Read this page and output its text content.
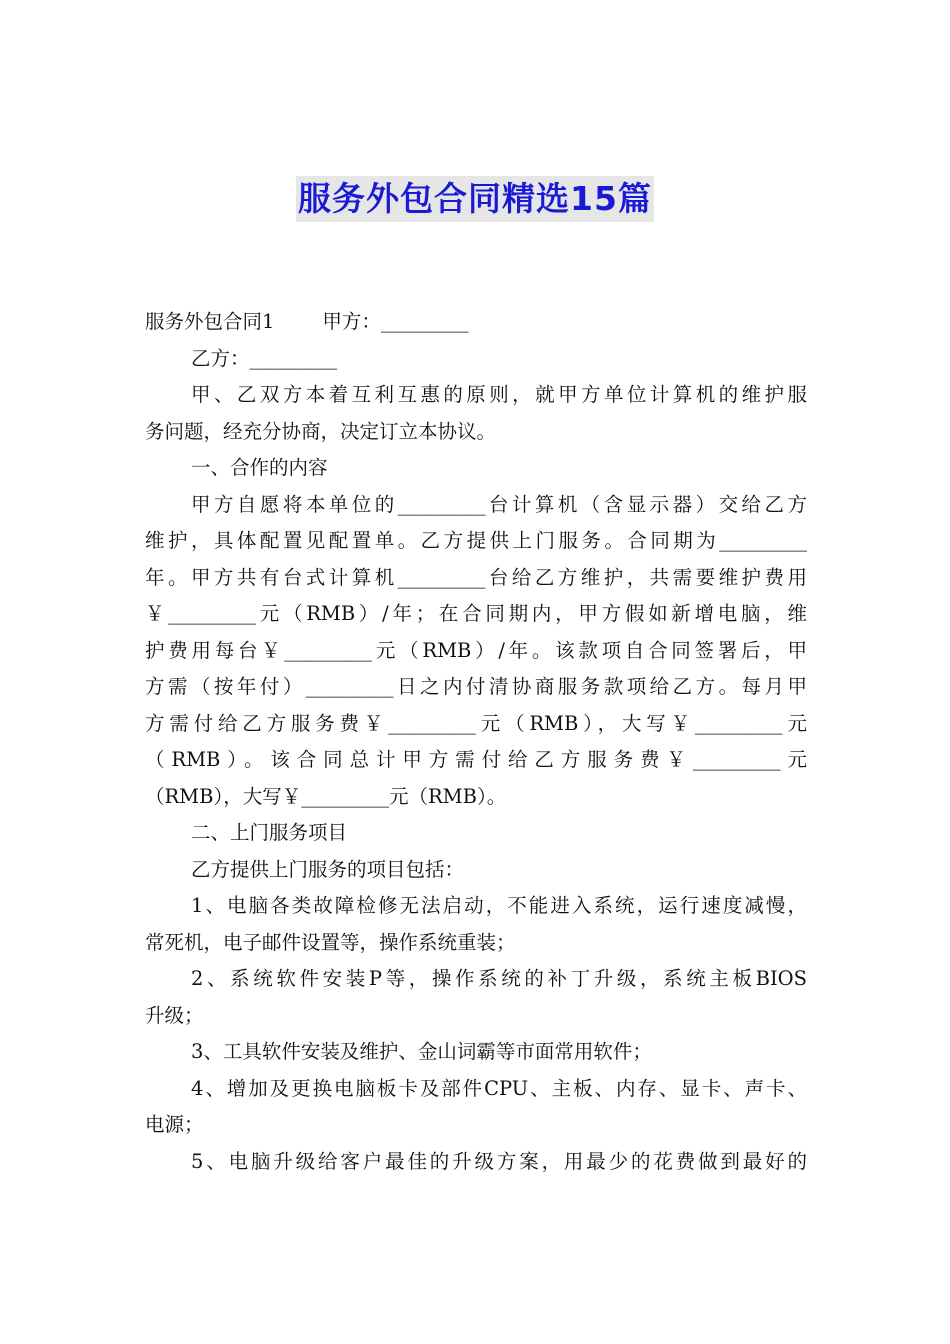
服务外包合同精选15篇

服务外包合同1 甲方：_________

乙方：_________

甲、乙双方本着互利互惠的原则，就甲方单位计算机的维护服

务问题，经充分协商，决定订立本协议。

一、合作的内容

甲方自愿将本单位的_________台计算机（含显示器）交给乙方

维护，具体配置见配置单。乙方提供上门服务。合同期为_________

年。甲方共有台式计算机_________台给乙方维护，共需要维护费用

￥_________元（RMB）/年；在合同期内，甲方假如新增电脑，维

护费用每台￥_________元（RMB）/年。该款项自合同签署后，甲

方需（按年付）_________日之内付清协商服务款项给乙方。每月甲

方需付给乙方服务费￥_________元（RMB），大写￥_________元

（RMB）。该合同总计甲方需付给乙方服务费￥_________元

（RMB），大写￥_________元（RMB）。

二、上门服务项目

乙方提供上门服务的项目包括：

1、电脑各类故障检修无法启动，不能进入系统，运行速度减慢，

常死机，电子邮件设置等，操作系统重装；

2、系统软件安装P等，操作系统的补丁升级，系统主板BIOS

升级；

3、工具软件安装及维护、金山词霸等市面常用软件；

4、增加及更换电脑板卡及部件CPU、主板、内存、显卡、声卡、

电源；

5、电脑升级给客户最佳的升级方案，用最少的花费做到最好的
